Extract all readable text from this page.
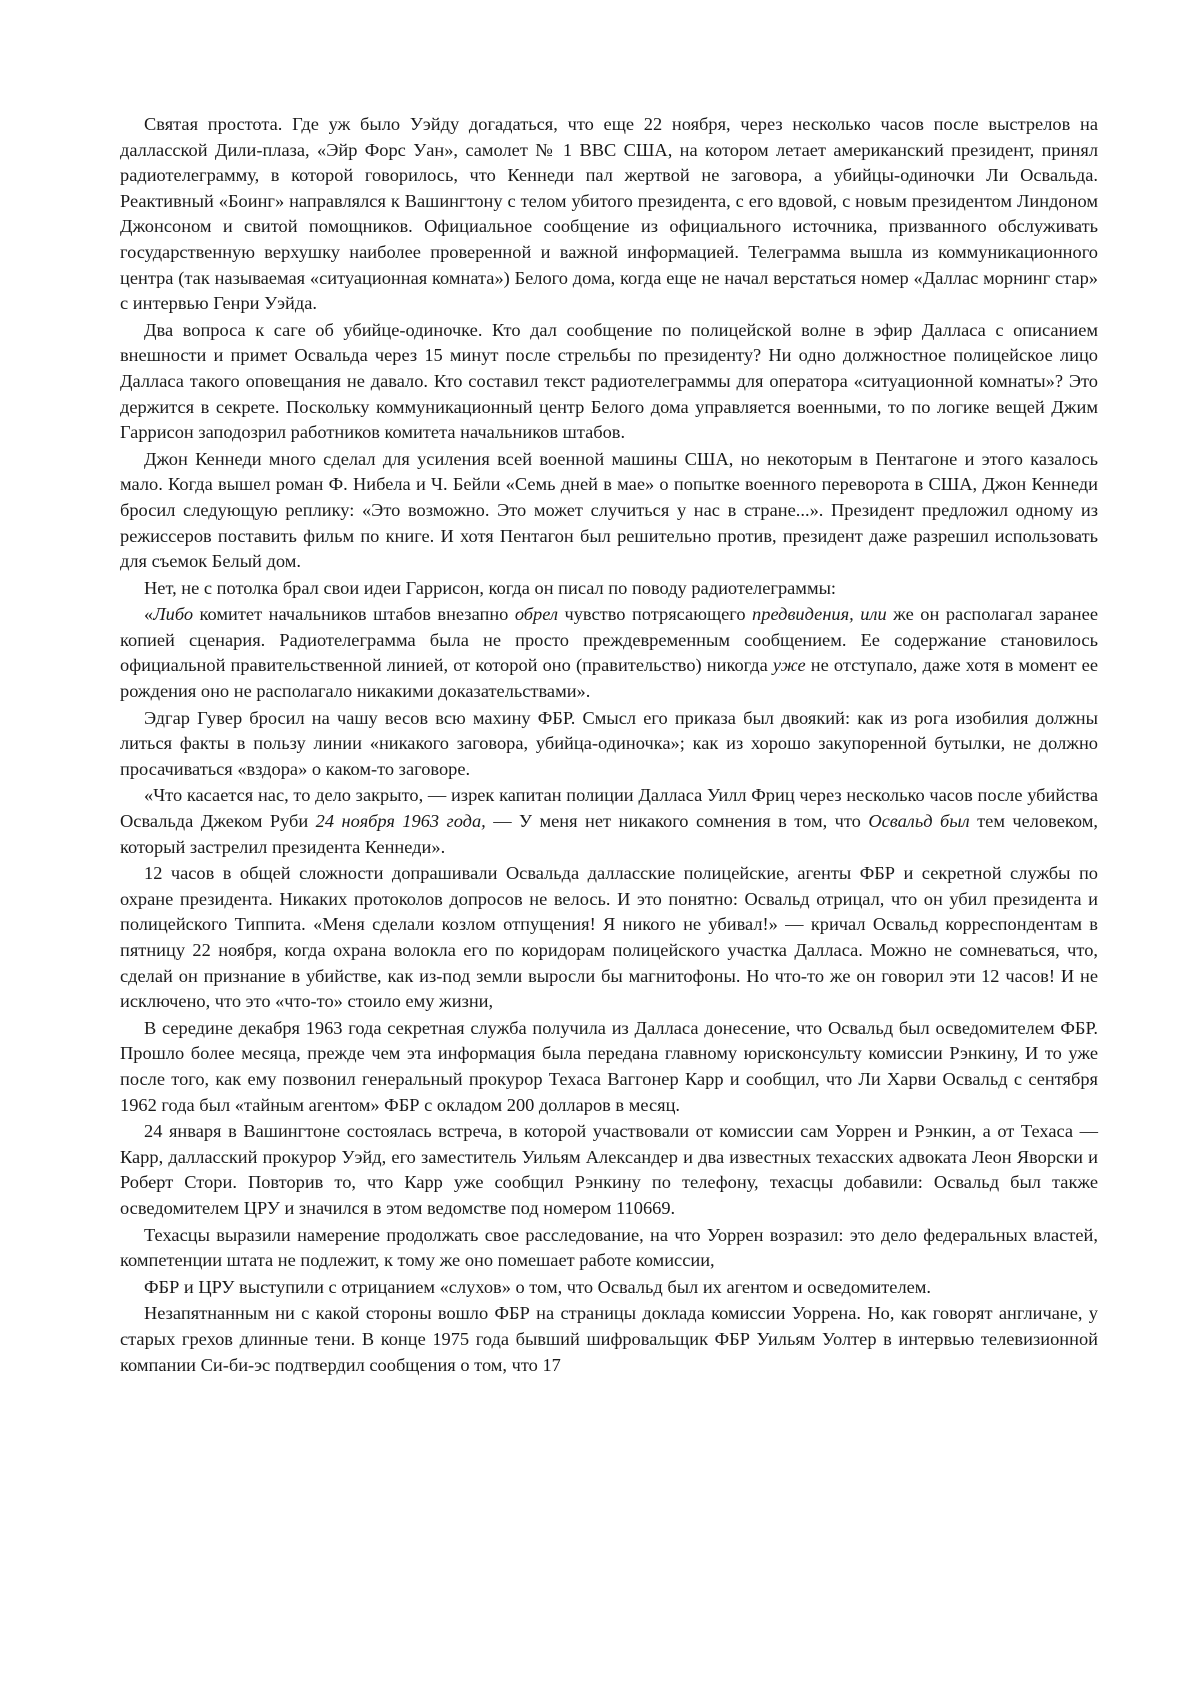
Святая простота. Где уж было Уэйду догадаться, что еще 22 ноября, через несколько часов после выстрелов на далласской Дили-плаза, «Эйр Форс Уан», самолет № 1 ВВС США, на котором летает американский президент, принял радиотелеграмму, в которой говорилось, что Кеннеди пал жертвой не заговора, а убийцы-одиночки Ли Освальда. Реактивный «Боинг» направлялся к Вашингтону с телом убитого президента, с его вдовой, с новым президентом Линдоном Джонсоном и свитой помощников. Официальное сообщение из официального источника, призванного обслуживать государственную верхушку наиболее проверенной и важной информацией. Телеграмма вышла из коммуникационного центра (так называемая «ситуационная комната») Белого дома, когда еще не начал верстаться номер «Даллас морнинг стар» с интервью Генри Уэйда.

Два вопроса к саге об убийце-одиночке. Кто дал сообщение по полицейской волне в эфир Далласа с описанием внешности и примет Освальда через 15 минут после стрельбы по президенту? Ни одно должностное полицейское лицо Далласа такого оповещания не давало. Кто составил текст радиотелеграммы для оператора «ситуационной комнаты»? Это держится в секрете. Поскольку коммуникационный центр Белого дома управляется военными, то по логике вещей Джим Гаррисон заподозрил работников комитета начальников штабов.

Джон Кеннеди много сделал для усиления всей военной машины США, но некоторым в Пентагоне и этого казалось мало. Когда вышел роман Ф. Нибела и Ч. Бейли «Семь дней в мае» о попытке военного переворота в США, Джон Кеннеди бросил следующую реплику: «Это возможно. Это может случиться у нас в стране...». Президент предложил одному из режиссеров поставить фильм по книге. И хотя Пентагон был решительно против, президент даже разрешил использовать для съемок Белый дом.

Нет, не с потолка брал свои идеи Гаррисон, когда он писал по поводу радиотелеграммы:

«Либо комитет начальников штабов внезапно обрел чувство потрясающего предвидения, или же он располагал заранее копией сценария. Радиотелеграмма была не просто преждевременным сообщением. Ее содержание становилось официальной правительственной линией, от которой оно (правительство) никогда уже не отступало, даже хотя в момент ее рождения оно не располагало никакими доказательствами».

Эдгар Гувер бросил на чашу весов всю махину ФБР. Смысл его приказа был двоякий: как из рога изобилия должны литься факты в пользу линии «никакого заговора, убийца-одиночка»; как из хорошо закупоренной бутылки, не должно просачиваться «вздора» о каком-то заговоре.

«Что касается нас, то дело закрыто, — изрек капитан полиции Далласа Уилл Фриц через несколько часов после убийства Освальда Джеком Руби 24 ноября 1963 года, — У меня нет никакого сомнения в том, что Освальд был тем человеком, который застрелил президента Кеннеди».

12 часов в общей сложности допрашивали Освальда далласские полицейские, агенты ФБР и секретной службы по охране президента. Никаких протоколов допросов не велось. И это понятно: Освальд отрицал, что он убил президента и полицейского Типпита. «Меня сделали козлом отпущения! Я никого не убивал!» — кричал Освальд корреспондентам в пятницу 22 ноября, когда охрана волокла его по коридорам полицейского участка Далласа. Можно не сомневаться, что, сделай он признание в убийстве, как из-под земли выросли бы магнитофоны. Но что-то же он говорил эти 12 часов! И не исключено, что это «что-то» стоило ему жизни,

В середине декабря 1963 года секретная служба получила из Далласа донесение, что Освальд был осведомителем ФБР. Прошло более месяца, прежде чем эта информация была передана главному юрисконсульту комиссии Рэнкину, И то уже после того, как ему позвонил генеральный прокурор Техаса Ваггонер Карр и сообщил, что Ли Харви Освальд с сентября 1962 года был «тайным агентом» ФБР с окладом 200 долларов в месяц.

24 января в Вашингтоне состоялась встреча, в которой участвовали от комиссии сам Уоррен и Рэнкин, а от Техаса — Карр, далласский прокурор Уэйд, его заместитель Уильям Александер и два известных техасских адвоката Леон Яворски и Роберт Стори. Повторив то, что Карр уже сообщил Рэнкину по телефону, техасцы добавили: Освальд был также осведомителем ЦРУ и значился в этом ведомстве под номером 110669.

Техасцы выразили намерение продолжать свое расследование, на что Уоррен возразил: это дело федеральных властей, компетенции штата не подлежит, к тому же оно помешает работе комиссии,

ФБР и ЦРУ выступили с отрицанием «слухов» о том, что Освальд был их агентом и осведомителем.

Незапятнанным ни с какой стороны вошло ФБР на страницы доклада комиссии Уоррена. Но, как говорят англичане, у старых грехов длинные тени. В конце 1975 года бывший шифровальщик ФБР Уильям Уолтер в интервью телевизионной компании Си-би-эс подтвердил сообщения о том, что 17
